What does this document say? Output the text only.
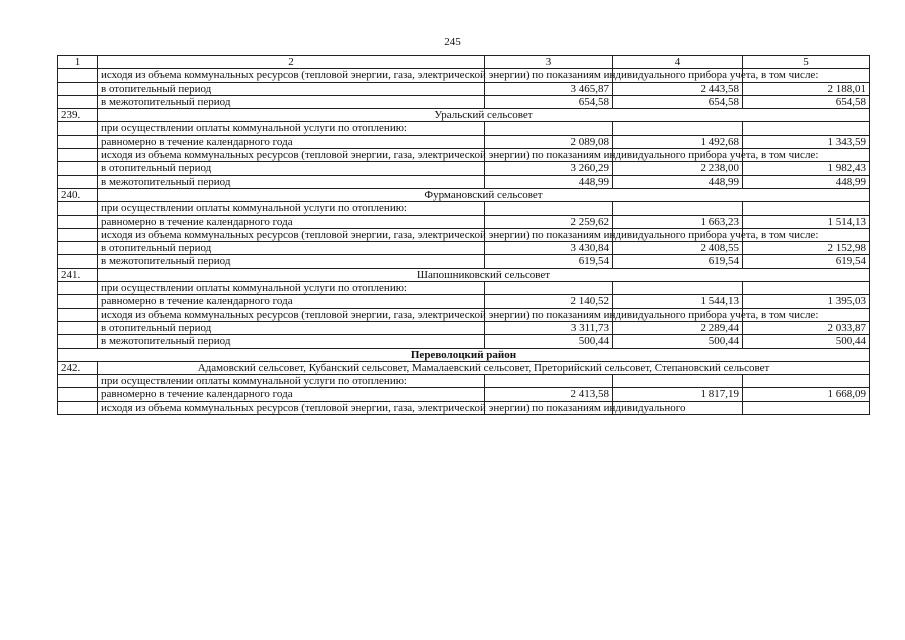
245
1	2	3	4	5
	исходя из объема коммунальных ресурсов (тепловой энергии, газа, электрической энергии) по показаниям индивидуального прибора учета, в том числе:			
	в отопительный период	3 465,87	2 443,58	2 188,01
	в межотопительный период	654,58	654,58	654,58
239.	Уральский сельсовет			
	при осуществлении оплаты коммунальной услуги по отоплению:			
	равномерно в течение календарного года	2 089,08	1 492,68	1 343,59
	исходя из объема коммунальных ресурсов (тепловой энергии, газа, электрической энергии) по показаниям индивидуального прибора учета, в том числе:			
	в отопительный период	3 260,29	2 238,00	1 982,43
	в межотопительный период	448,99	448,99	448,99
240.	Фурмановский сельсовет			
	при осуществлении оплаты коммунальной услуги по отоплению:			
	равномерно в течение календарного года	2 259,62	1 663,23	1 514,13
	исходя из объема коммунальных ресурсов (тепловой энергии, газа, электрической энергии) по показаниям индивидуального прибора учета, в том числе:			
	в отопительный период	3 430,84	2 408,55	2 152,98
	в межотопительный период	619,54	619,54	619,54
241.	Шапошниковский сельсовет			
	при осуществлении оплаты коммунальной услуги по отоплению:			
	равномерно в течение календарного года	2 140,52	1 544,13	1 395,03
	исходя из объема коммунальных ресурсов (тепловой энергии, газа, электрической энергии) по показаниям индивидуального прибора учета, в том числе:			
	в отопительный период	3 311,73	2 289,44	2 033,87
	в межотопительный период	500,44	500,44	500,44
Переволоцкий район				
242.	Адамовский сельсовет, Кубанский сельсовет, Мамалаевский сельсовет, Преторийский сельсовет, Степановский сельсовет			
	при осуществлении оплаты коммунальной услуги по отоплению:			
	равномерно в течение календарного года	2 413,58	1 817,19	1 668,09
	исходя из объема коммунальных ресурсов (тепловой энергии, газа, электрической энергии) по показаниям индивидуального			
